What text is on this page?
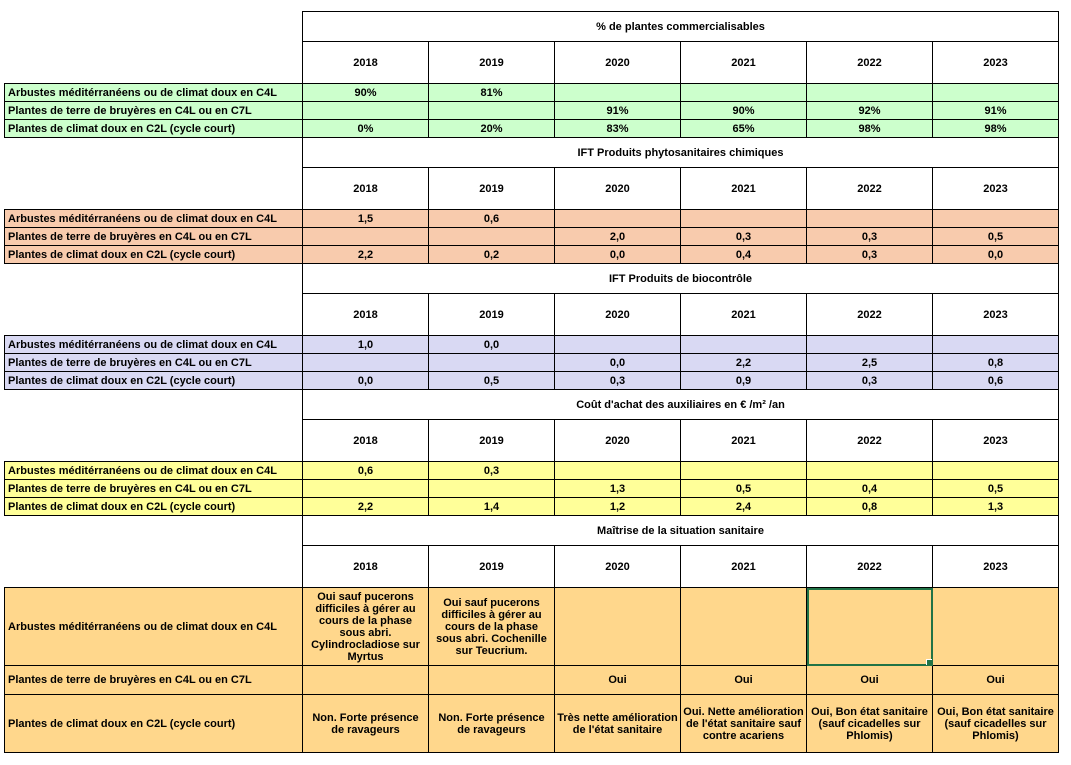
	% de plantes commercialisables					
	2018	2019	2020	2021	2022	2023
Arbustes méditérranéens ou de climat doux en C4L	90%	81%				
Plantes de terre de bruyères en C4L ou en C7L			91%	90%	92%	91%
Plantes de climat doux en C2L (cycle court)	0%	20%	83%	65%	98%	98%
	IFT Produits phytosanitaires chimiques					
	2018	2019	2020	2021	2022	2023
Arbustes méditérranéens ou de climat doux en C4L	1,5	0,6				
Plantes de terre de bruyères en C4L ou en C7L			2,0	0,3	0,3	0,5
Plantes de climat doux en C2L (cycle court)	2,2	0,2	0,0	0,4	0,3	0,0
	IFT Produits de biocontrôle					
	2018	2019	2020	2021	2022	2023
Arbustes méditérranéens ou de climat doux en C4L	1,0	0,0				
Plantes de terre de bruyères en C4L ou en C7L			0,0	2,2	2,5	0,8
Plantes de climat doux en C2L (cycle court)	0,0	0,5	0,3	0,9	0,3	0,6
	Coût d'achat des auxiliaires en € /m² /an					
	2018	2019	2020	2021	2022	2023
Arbustes méditérranéens ou de climat doux en C4L	0,6	0,3				
Plantes de terre de bruyères en C4L ou en C7L			1,3	0,5	0,4	0,5
Plantes de climat doux en C2L (cycle court)	2,2	1,4	1,2	2,4	0,8	1,3
	Maîtrise de la situation sanitaire					
	2018	2019	2020	2021	2022	2023
Arbustes méditérranéens ou de climat doux en C4L	Oui sauf pucerons difficiles à gérer au cours de la phase sous abri. Cylindrocladiose sur Myrtus	Oui sauf pucerons difficiles à gérer au cours de la phase sous abri. Cochenille sur Teucrium.			

Plantes de terre de bruyères en C4L ou en C7L			Oui	Oui	Oui	Oui
Plantes de climat doux en C2L (cycle court)	Non. Forte présence de ravageurs	Non. Forte présence de ravageurs	Très nette amélioration de l'état sanitaire	Oui. Nette amélioration de l'état sanitaire sauf contre acariens	Oui, Bon état sanitaire (sauf cicadelles sur Phlomis)	Oui, Bon état sanitaire (sauf cicadelles sur Phlomis)
